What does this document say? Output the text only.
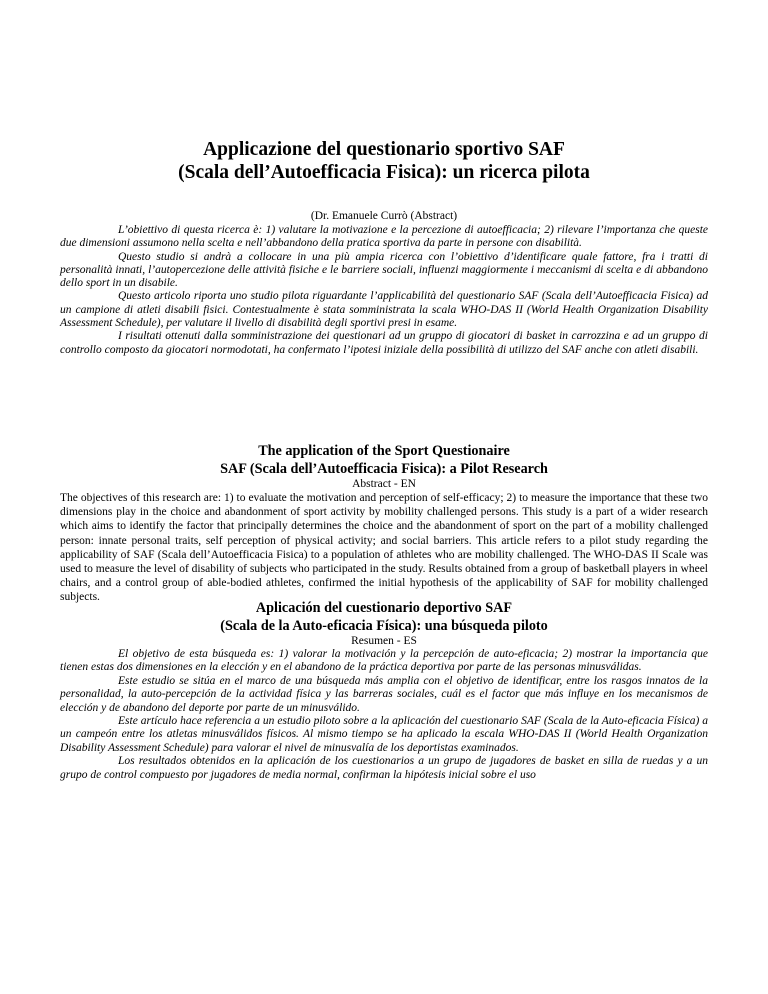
Applicazione del questionario sportivo SAF
(Scala dell’Autoefficacia Fisica): un ricerca pilota

(Dr. Emanuele Currò (Abstract)

L’obiettivo di questa ricerca è: 1) valutare la motivazione e la percezione di autoefficacia; 2) rilevare l’importanza che queste due dimensioni assumono nella scelta e nell’abbandono della pratica sportiva da parte in persone con disabilità.

Questo studio si andrà a collocare in una più ampia ricerca con l’obiettivo d’identificare quale fattore, fra i tratti di personalità innati, l’autopercezione delle attività fisiche e le barriere sociali, influenzi maggiormente i meccanismi di scelta e di abbandono dello sport in un disabile.

Questo articolo riporta uno studio pilota riguardante l’applicabilità del questionario SAF (Scala dell’Autoefficacia Fisica) ad un campione di atleti disabili fisici. Contestualmente è stata somministrata la scala WHO-DAS II (World Health Organization Disability Assessment Schedule), per valutare il livello di disabilità degli sportivi presi in esame.

I risultati ottenuti dalla somministrazione dei questionari ad un gruppo di giocatori di basket in carrozzina e ad un gruppo di controllo composto da giocatori normodotati, ha confermato l’ipotesi iniziale della possibilità di utilizzo del SAF anche con atleti disabili.

The application of the Sport Questionaire
SAF (Scala dell’Autoefficacia Fisica): a Pilot Research

Abstract - EN

The objectives of this research are: 1) to evaluate the motivation and perception of self-efficacy; 2) to measure the importance that these two dimensions play in the choice and abandonment of sport activity by mobility challenged persons. This study is a part of a wider research which aims to identify the factor that principally determines the choice and the abandonment of sport on the part of a mobility challenged person: innate personal traits, self perception of physical activity; and social barriers. This article refers to a pilot study regarding the applicability of SAF (Scala dell’Autoefficacia Fisica) to a population of athletes who are mobility challenged. The WHO-DAS II Scale was used to measure the level of disability of subjects who participated in the study. Results obtained from a group of basketball players in wheel chairs, and a control group of able-bodied athletes, confirmed the initial hypothesis of the applicability of SAF for mobility challenged subjects.

Aplicación del cuestionario deportivo SAF
(Scala de la Auto-eficacia Física): una búsqueda piloto

Resumen - ES

El objetivo de esta búsqueda es: 1) valorar la motivación y la percepción de auto-eficacia; 2) mostrar la importancia que tienen estas dos dimensiones en la elección y en el abandono de la práctica deportiva por parte de las personas minusválidas.

Este estudio se sitúa en el marco de una búsqueda más amplia con el objetivo de identificar, entre los rasgos innatos de la personalidad, la auto-percepción de la actividad física y las barreras sociales, cuál es el factor que más influye en los mecanismos de elección y de abandono del deporte por parte de un minusválido.

Este artículo hace referencia a un estudio piloto sobre a la aplicación del cuestionario SAF (Scala de la Auto-eficacia Física) a un campeón entre los atletas minusválidos físicos. Al mismo tiempo se ha aplicado la escala WHO-DAS II (World Health Organization Disability Assessment Schedule) para valorar el nivel de minusvalía de los deportistas examinados.

Los resultados obtenidos en la aplicación de los cuestionarios a un grupo de jugadores de basket en silla de ruedas y a un grupo de control compuesto por jugadores de media normal, confirman la hipótesis inicial sobre el uso
